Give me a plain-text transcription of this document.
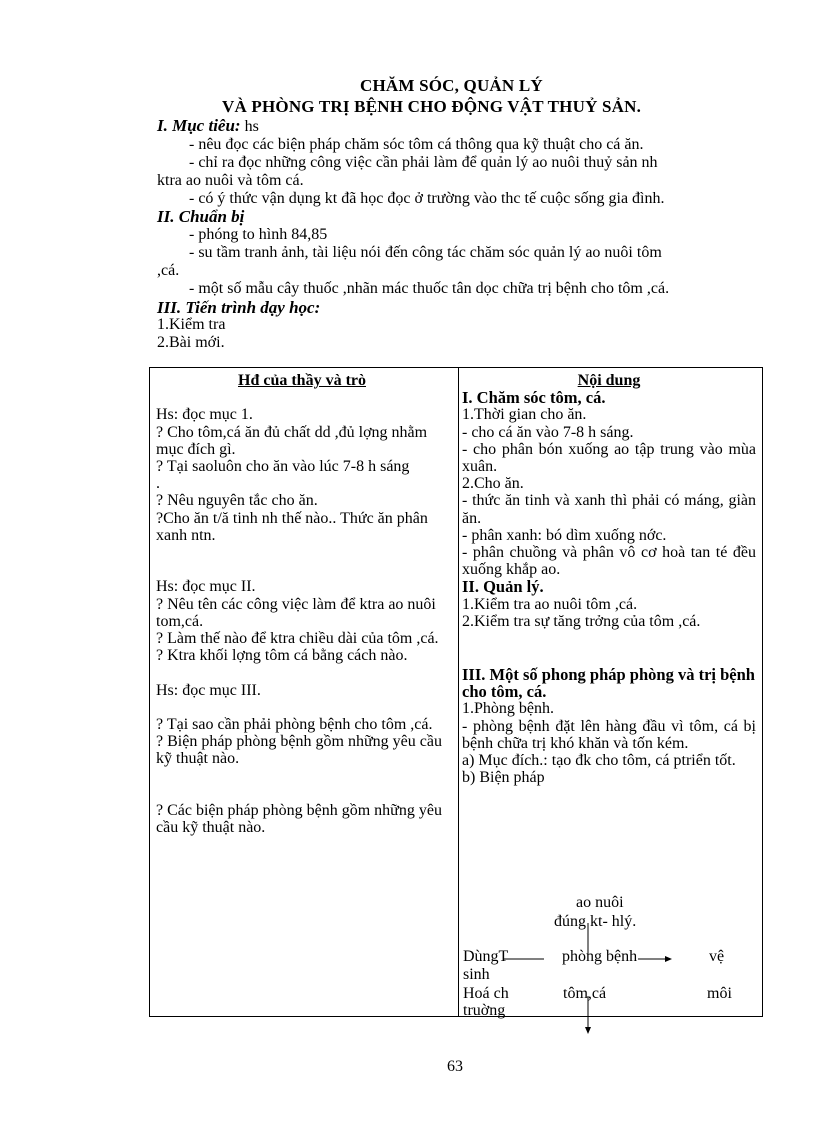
CHĂM SÓC, QUẢN LÝ
VÀ PHÒNG TRỊ BỆNH CHO ĐỘNG VẬT THUỶ SẢN.
I. Mục tiêu: hs
- nêu đọc các biện pháp chăm sóc tôm cá thông qua kỹ thuật cho cá ăn.
- chỉ ra đọc những công việc cần phải làm để quản lý ao nuôi thuỷ sản nh
ktra ao nuôi và tôm cá.
- có ý thức vận dụng kt đã học đọc ở trường vào thc tế cuộc sống gia đình.
II. Chuẩn bị
- phóng to hình 84,85
- su tầm tranh ảnh, tài liệu nói đến công tác chăm sóc quản lý ao nuôi tôm
,cá.
- một số mẫu cây thuốc ,nhãn mác thuốc tân dọc chữa trị bệnh cho tôm ,cá.
III. Tiến trình dạy học:
1.Kiểm tra
2.Bài mới.

Hđ của thầy và trò

Hs: đọc mục 1.

? Cho tôm,cá ăn đủ chất dd ,đủ lợng nhằm mục đích gì.

? Tại saoluôn cho ăn vào lúc 7-8 h sáng

.

? Nêu nguyên tắc cho ăn.

?Cho ăn t/ă tinh nh thế nào.. Thức ăn phân xanh ntn.

Hs: đọc mục II.

? Nêu tên các công việc làm để ktra ao nuôi tom,cá.

? Làm thế nào để ktra chiều dài của tôm ,cá.

? Ktra khối lợng tôm cá bằng cách nào.

Hs: đọc mục III.

? Tại sao cần phải phòng bệnh cho tôm ,cá.

? Biện pháp phòng bệnh gồm những yêu cầu kỹ thuật nào.

? Các biện pháp phòng bệnh gồm những yêu cầu kỹ thuật nào.

Nội dung

I. Chăm sóc tôm, cá.

1.Thời gian cho ăn.

- cho cá ăn vào 7-8 h sáng.

- cho phân bón xuống ao tập trung vào mùa xuân.

2.Cho ăn.

- thức ăn tinh và xanh thì phải có máng, giàn ăn.

- phân xanh: bó dìm xuống nớc.

- phân chuồng và phân vô cơ hoà tan té đều xuống khắp ao.

II. Quản lý.

1.Kiểm tra ao nuôi tôm ,cá.

2.Kiểm tra sự tăng trởng của tôm ,cá.

III. Một số phong pháp phòng và trị bệnh cho tôm, cá.

1.Phòng bệnh.

- phòng bệnh đặt lên hàng đầu vì tôm, cá bị bệnh chữa trị khó khăn và tốn kém.

a) Mục đích.: tạo đk cho tôm, cá ptriển tốt.

b) Biện pháp

ao nuôi
đúng kt- hlý.
DùngT
sinh
Hoá ch
truờng
phòng bệnh
tôm,cá
vệ
môi
63
